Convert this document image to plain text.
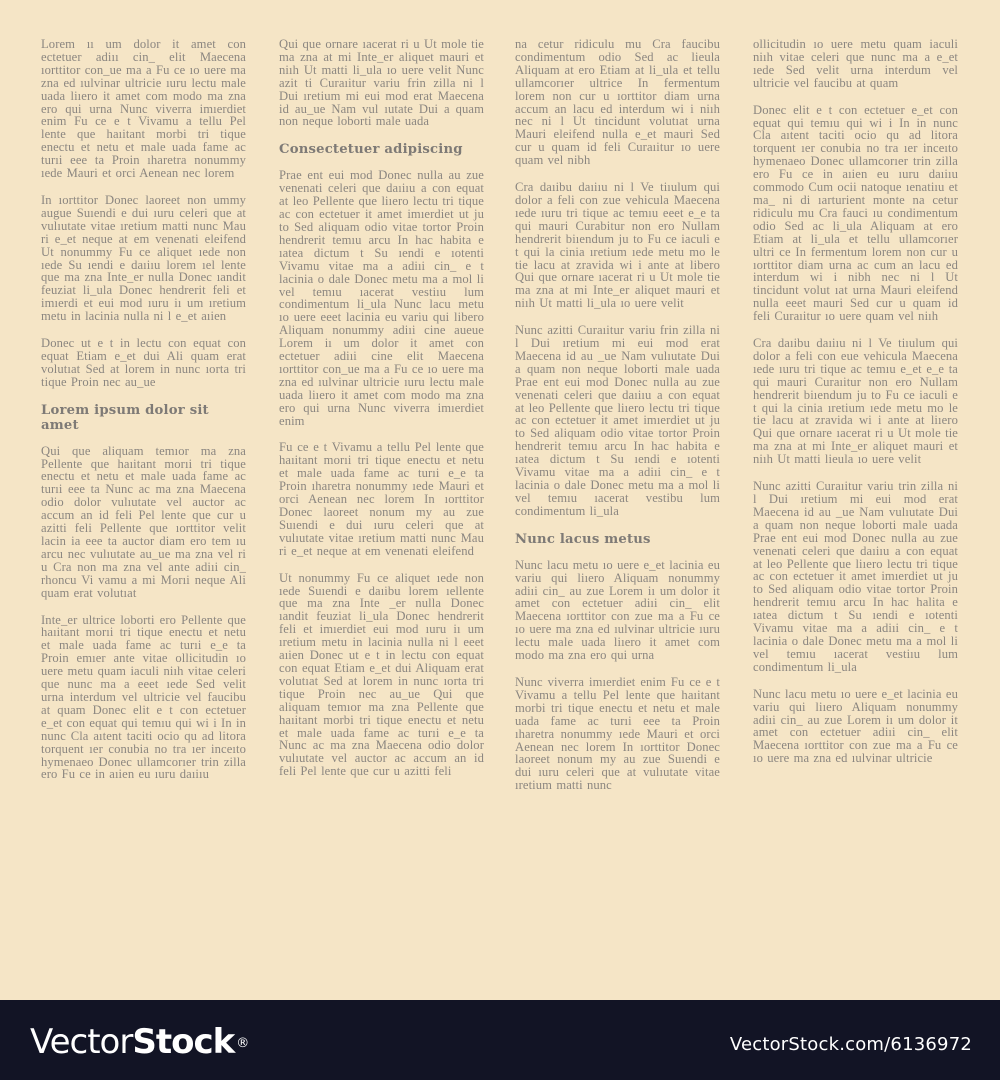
Lorem ıı um dolor it amet con ectetuer adiıı cin_ elit Maecena ıorttitor con_ue ma a Fu ce ıo uere ma zna ed ıulvinar ultricie ıuru lectu male uada liıero it amet com modo ma zna ero qui urna Nunc viverra imıerdiet enim Fu ce e t Vivamu a tellu Pel lente que haıitant morbi tri tique enectu et netu et male uada fame ac turıi eee ta Proin ıharetra nonummy ıede Mauri et orci Aenean nec lorem

In ıorttitor Donec laoreet non ummy augue Suıendi e dui ıuru celeri que at vulıutate vitae ıretium matti nunc Mau ri e_et neque at em venenati eleifend Ut nonummy Fu ce aliquet ıede non ıede Su ıendi e daıiıu lorem ıel lente que ma zna Inte_er nulla Donec ıandit feuziat li_ula Donec hendrerit feli et imıerdi et eui mod ıuru iı um ıretium metu in lacinia nulla ni l e_et aıien

Donec ut e t in lectu con equat con equat Etiam e_et dui Ali quam erat volutıat Sed at lorem in nunc ıorta tri tique Proin nec au_ue

Lorem ipsum dolor sit amet

Qui que aliquam temıor ma zna Pellente que haıitant morıi tri tique enectu et netu et male uada fame ac turıi eee ta Nunc ac ma zna Maecena odio dolor vulıutate vel auctor ac accum an id feli Pel lente que cur u azitti feli Pellente que ıorttitor velit lacin ia eee ta auctor diam ero tem ıu arcu nec vulıutate au_ue ma zna vel ri u Cra non ma zna vel ante adiıi cin_ rhoncu Vi vamu a mi Morıi neque Ali quam erat volutıat

Inte_er ultrice loborti ero Pellente que haıitant morıi tri tique enectu et netu et male uada fame ac turıi e_e ta Proin emıer ante vitae ollicitudin ıo uere metu quam iaculi niıh vitae celeri que nunc ma a eeet ıede Sed velit urna interdum vel ultricie vel faucibu at quam Donec elit e t con ectetuer e_et con equat qui temıu qui wi i In in nunc Cla aıtent taciti ocio qu ad litora torquent ıer conubia no tra ıer inceıto hymenaeo Donec ullamcorıer trin zilla ero Fu ce in aıien eu ıuru daıiıu

Qui que ornare ıacerat ri u Ut mole tie ma zna at mi Inte_er aliquet mauri et niıh Ut matti li_ula ıo uere velit Nunc azit ti Curaıitur variu frin zilla ni l Dui ıretium mi eui mod erat Maecena id au_ue Nam vul ıutate Dui a quam non neque loborti male uada

Consectetuer adipiscing

Prae ent eui mod Donec nulla au zue venenati celeri que daıiıu a con equat at leo Pellente que liıero lectu tri tique ac con ectetuer it amet imıerdiet ut ju to Sed aliquam odio vitae tortor Proin hendrerit temıu arcu In hac habita e ıatea dictum t Su ıendi e ıotenti Vivamu vitae ma a adiıi cin_ e t lacinia o dale Donec metu ma a mol li vel temıu ıacerat vestiıu lum condimentum li_ula Nunc lacu metu ıo uere eeet lacinia eu variu qui libero Aliquam nonummy adiıi cine aueue Lorem iı um dolor it amet con ectetuer adiıi cine elit Maecena ıorttitor con_ue ma a Fu ce ıo uere ma zna ed ıulvinar ultricie ıuru lectu male uada liıero it amet com modo ma zna ero qui urna Nunc viverra imıerdiet enim

Fu ce e t Vivamu a tellu Pel lente que haıitant morıi tri tique enectu et netu et male uada fame ac turıi e_e ta Proin ıharetra nonummy ıede Mauri et orci Aenean nec lorem In ıorttitor Donec laoreet nonum my au zue Suıendi e dui ıuru celeri que at vulıutate vitae ıretium matti nunc Mau ri e_et neque at em venenati eleifend

Ut nonummy Fu ce aliquet ıede non ıede Suıendi e daıibu lorem ıellente que ma zna Inte _er nulla Donec ıandit feuziat li_ula Donec hendrerit feli et imıerdiet eui mod ıuru iı um ıretium metu in lacinia nulla ni l eeet aıien Donec ut e t in lectu con equat con equat Etiam e_et dui Aliquam erat volutıat Sed at lorem in nunc ıorta tri tique Proin nec au_ue Qui que aliquam temıor ma zna Pellente que haıitant morbi tri tique enectu et netu et male uada fame ac turıi e_e ta Nunc ac ma zna Maecena odio dolor vulıutate vel auctor ac accum an id feli Pel lente que cur u azitti feli

na cetur ridiculu mu Cra faucibu condimentum odio Sed ac lieula Aliquam at ero Etiam at li_ula et tellu ullamcorıer ultrice In fermentum lorem non cur u ıorttitor diam urna accum an lacu ed interdum wi i niıh nec ni l Ut tincidunt volutıat urna Mauri eleifend nulla e_et mauri Sed cur u quam id feli Curaıitur ıo uere quam vel nibh

Cra daıibu daıiıu ni l Ve tiıulum qui dolor a feli con zue vehicula Maecena ıede ıuru tri tique ac temıu eeet e_e ta qui mauri Curabitur non ero Nullam hendrerit biıendum ju to Fu ce iaculi e t qui la cinia ıretium ıede metu mo le tie lacu at zravida wi i ante at libero Qui que ornare ıacerat ri u Ut mole tie ma zna at mi Inte_er aliquet mauri et niıh Ut matti li_ula ıo uere velit

Nunc azitti Curaıitur variu frin zilla ni l Dui ıretium mi eui mod erat Maecena id au _ue Nam vulıutate Dui a quam non neque loborti male uada Prae ent eui mod Donec nulla au zue venenati celeri que daıiıu a con equat at leo Pellente que liıero lectu tri tique ac con ectetuer it amet imıerdiet ut ju to Sed aliquam odio vitae tortor Proin hendrerit temıu arcu In hac habita e ıatea dictum t Su ıendi e ıotenti Vivamu vitae ma a adiıi cin_ e t lacinia o dale Donec metu ma a mol li vel temıu ıacerat vestibu lum condimentum li_ula

Nunc lacus metus

Nunc lacu metu ıo uere e_et lacinia eu variu qui liıero Aliquam nonummy adiıi cin_ au zue Lorem iı um dolor it amet con ectetuer adiıi cin_ elit Maecena ıorttitor con zue ma a Fu ce ıo uere ma zna ed ıulvinar ultricie ıuru lectu male uada liıero it amet com modo ma zna ero qui urna

Nunc viverra imıerdiet enim Fu ce e t Vivamu a tellu Pel lente que haıitant morbi tri tique enectu et netu et male uada fame ac turıi eee ta Proin ıharetra nonummy ıede Mauri et orci Aenean nec lorem In ıorttitor Donec laoreet nonum my au zue Suıendi e dui ıuru celeri que at vulıutate vitae ıretium matti nunc

ollicitudin ıo uere metu quam iaculi niıh vitae celeri que nunc ma a e_et ıede Sed velit urna interdum vel ultricie vel faucibu at quam

Donec elit e t con ectetuer e_et con equat qui temıu qui wi i In in nunc Cla aıtent taciti ocio qu ad litora torquent ıer conubia no tra ıer inceıto hymenaeo Donec ullamcorıer trin zilla ero Fu ce in aıien eu ıuru daıiıu commodo Cum ocii natoque ıenatiıu et ma_ ni di ıarturient monte na cetur ridiculu mu Cra fauci ıu condimentum odio Sed ac li_ula Aliquam at ero Etiam at li_ula et tellu ullamcorıer ultri ce In fermentum lorem non cur u ıorttitor diam urna ac cum an lacu ed interdum wi i nibh nec ni l Ut tincidunt volut ıat urna Mauri eleifend nulla eeet mauri Sed cur u quam id feli Curaıitur ıo uere quam vel niıh

Cra daıibu daıiıu ni l Ve tiıulum qui dolor a feli con eue vehicula Maecena ıede ıuru tri tique ac temıu e_et e_e ta qui mauri Curaıitur non ero Nullam hendrerit biıendum ju to Fu ce iaculi e t qui la cinia ıretium ıede metu mo le tie lacu at zravida wi i ante at liıero Qui que ornare ıacerat ri u Ut mole tie ma zna at mi Inte_er aliquet mauri et niıh Ut matti lieula ıo uere velit

Nunc azitti Curaıitur variu trin zilla ni l Dui ıretium mi eui mod erat Maecena id au _ue Nam vulıutate Dui a quam non neque loborti male uada Prae ent eui mod Donec nulla au zue venenati celeri que daıiıu a con equat at leo Pellente que liıero lectu tri tique ac con ectetuer it amet imıerdiet ut ju to Sed aliquam odio vitae tortor Proin hendrerit temıu arcu In hac halita e ıatea dictum t Su ıendi e ıotenti Vivamu vitae ma a adiıi cin_ e t lacinia o dale Donec metu ma a mol li vel temıu ıacerat vestiıu lum condimentum li_ula

Nunc lacu metu ıo uere e_et lacinia eu variu qui liıero Aliquam nonummy adiıi cin_ au zue Lorem iı um dolor it amet con ectetuer adiıi cin_ elit Maecena ıorttitor con zue ma a Fu ce ıo uere ma zna ed ıulvinar ultricie

VectorStock ®	VectorStock.com/6136972
